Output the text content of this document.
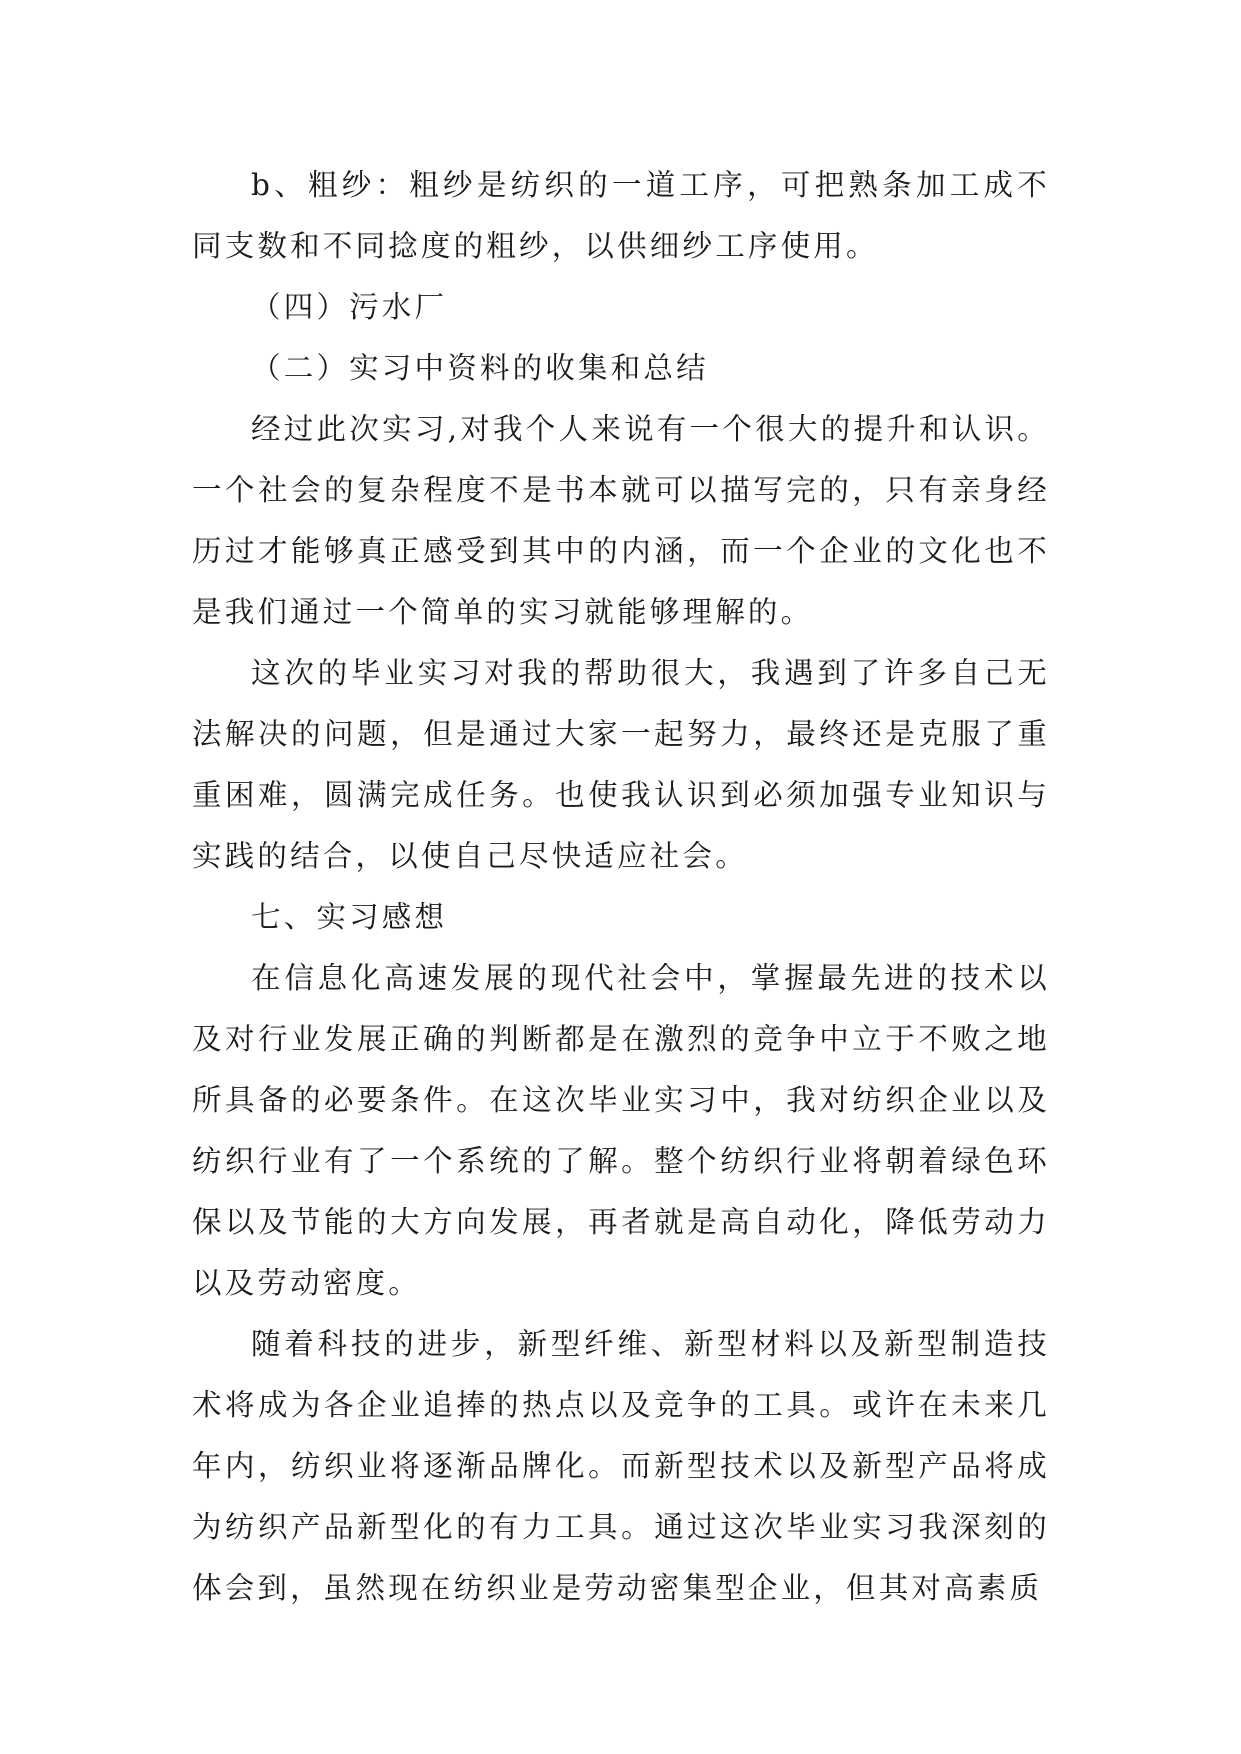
b、粗纱：粗纱是纺织的一道工序，可把熟条加工成不同支数和不同捻度的粗纱，以供细纱工序使用。

（四）污水厂

（二）实习中资料的收集和总结

经过此次实习,对我个人来说有一个很大的提升和认识。一个社会的复杂程度不是书本就可以描写完的，只有亲身经历过才能够真正感受到其中的内涵，而一个企业的文化也不是我们通过一个简单的实习就能够理解的。

这次的毕业实习对我的帮助很大，我遇到了许多自己无法解决的问题，但是通过大家一起努力，最终还是克服了重重困难，圆满完成任务。也使我认识到必须加强专业知识与实践的结合，以使自己尽快适应社会。

七、实习感想

在信息化高速发展的现代社会中，掌握最先进的技术以及对行业发展正确的判断都是在激烈的竞争中立于不败之地所具备的必要条件。在这次毕业实习中，我对纺织企业以及纺织行业有了一个系统的了解。整个纺织行业将朝着绿色环保以及节能的大方向发展，再者就是高自动化，降低劳动力以及劳动密度。

随着科技的进步，新型纤维、新型材料以及新型制造技术将成为各企业追捧的热点以及竞争的工具。或许在未来几年内，纺织业将逐渐品牌化。而新型技术以及新型产品将成为纺织产品新型化的有力工具。通过这次毕业实习我深刻的体会到，虽然现在纺织业是劳动密集型企业，但其对高素质
